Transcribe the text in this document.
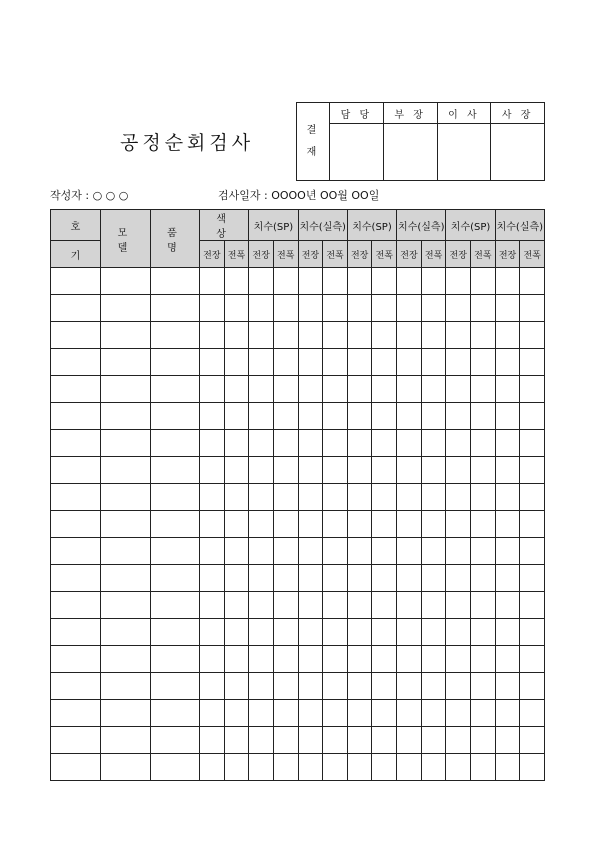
공정순회검사
결
재	담 당	부 장	이 사	사 장

작성자 : ○ ○ ○	검사일자 : OOOO년 OO월 OO일
호	모 델	품 명	색 상		치수(SP)		치수(실측)		치수(SP)		치수(실측)		치수(SP)		치수(실측)	
기			전장	전폭	전장	전폭	전장	전폭	전장	전폭	전장	전폭	전장	전폭	전장	전폭
